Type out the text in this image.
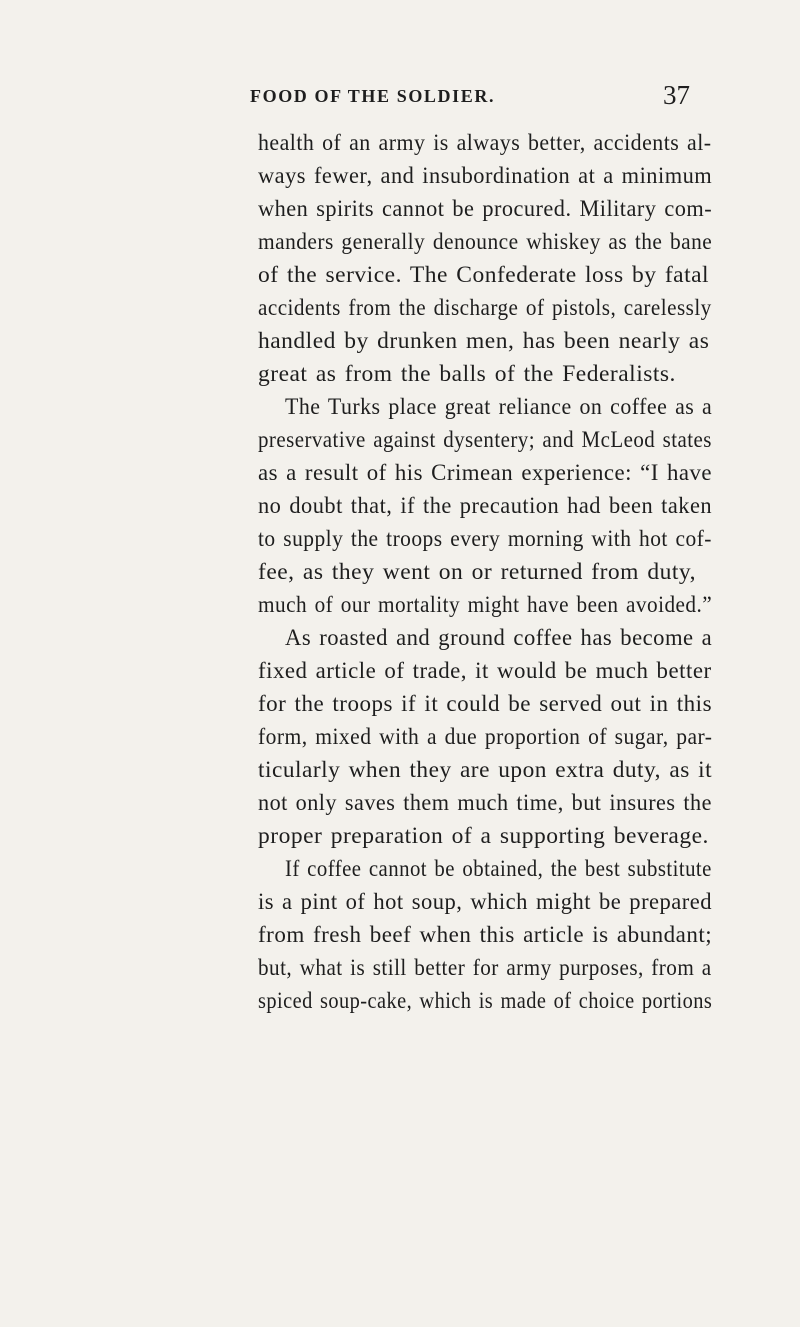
FOOD OF THE SOLDIER.	37
health of an army is always better, accidents al-
ways fewer, and insubordination at a minimum
when spirits cannot be procured. Military com-
manders generally denounce whiskey as the bane
of the service. The Confederate loss by fatal
accidents from the discharge of pistols, carelessly
handled by drunken men, has been nearly as
great as from the balls of the Federalists.
The Turks place great reliance on coffee as a
preservative against dysentery; and McLeod states
as a result of his Crimean experience: “I have
no doubt that, if the precaution had been taken
to supply the troops every morning with hot cof-
fee, as they went on or returned from duty,
much of our mortality might have been avoided.”
As roasted and ground coffee has become a
fixed article of trade, it would be much better
for the troops if it could be served out in this
form, mixed with a due proportion of sugar, par-
ticularly when they are upon extra duty, as it
not only saves them much time, but insures the
proper preparation of a supporting beverage.
If coffee cannot be obtained, the best substitute
is a pint of hot soup, which might be prepared
from fresh beef when this article is abundant;
but, what is still better for army purposes, from a
spiced soup-cake, which is made of choice portions
